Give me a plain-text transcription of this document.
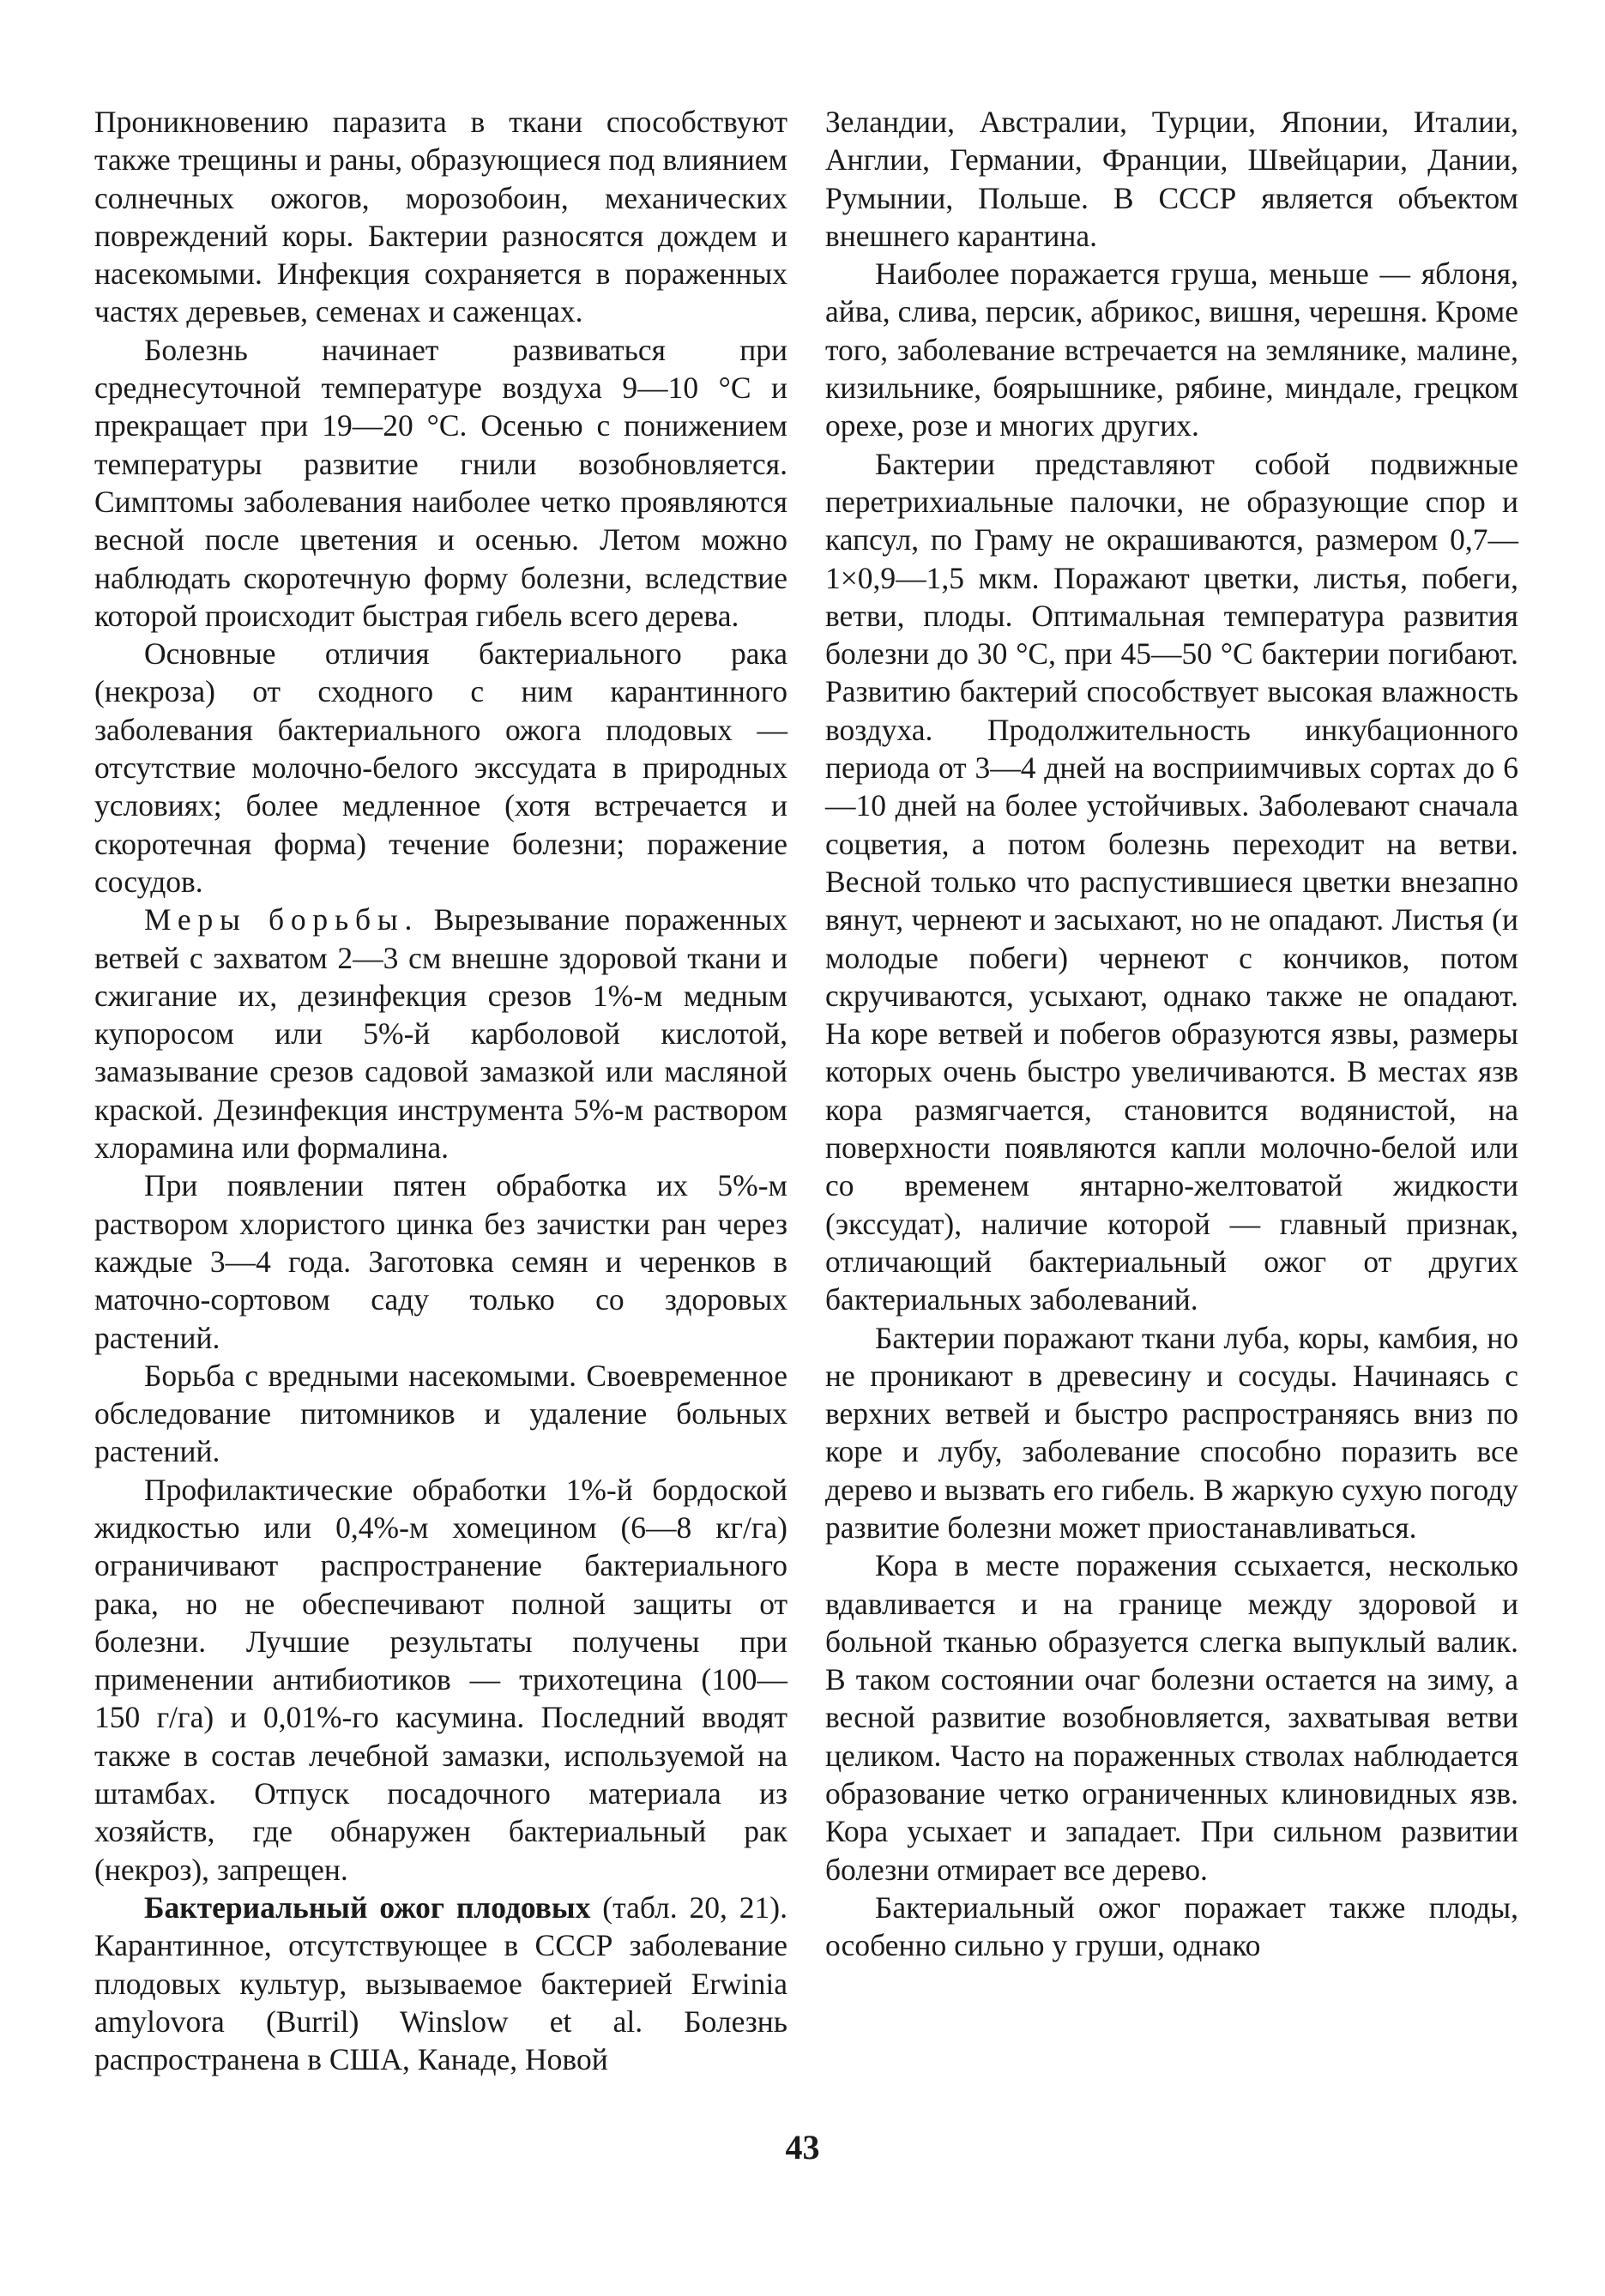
Проникновению паразита в ткани способствуют также трещины и раны, образующиеся под влиянием солнечных ожогов, морозобоин, механических повреждений коры. Бактерии разносятся дождем и насекомыми. Инфекция сохраняется в пораженных частях деревьев, семенах и саженцах.

Болезнь начинает развиваться при среднесуточной температуре воздуха 9—10 °С и прекращает при 19—20 °С. Осенью с понижением температуры развитие гнили возобновляется. Симптомы заболевания наиболее четко проявляются весной после цветения и осенью. Летом можно наблюдать скоротечную форму болезни, вследствие которой происходит быстрая гибель всего дерева.

Основные отличия бактериального рака (некроза) от сходного с ним карантинного заболевания бактериального ожога плодовых — отсутствие молочно-белого экссудата в природных условиях; более медленное (хотя встречается и скоротечная форма) течение болезни; поражение сосудов.

Меры борьбы. Вырезывание пораженных ветвей с захватом 2—3 см внешне здоровой ткани и сжигание их, дезинфекция срезов 1%-м медным купоросом или 5%-й карболовой кислотой, замазывание срезов садовой замазкой или масляной краской. Дезинфекция инструмента 5%-м раствором хлорамина или формалина.

При появлении пятен обработка их 5%-м раствором хлористого цинка без зачистки ран через каждые 3—4 года. Заготовка семян и черенков в маточно-сортовом саду только со здоровых растений.

Борьба с вредными насекомыми. Своевременное обследование питомников и удаление больных растений.

Профилактические обработки 1%-й бордоской жидкостью или 0,4%-м хомецином (6—8 кг/га) ограничивают распространение бактериального рака, но не обеспечивают полной защиты от болезни. Лучшие результаты получены при применении антибиотиков — трихотецина (100—150 г/га) и 0,01%-го касумина. Последний вводят также в состав лечебной замазки, используемой на штамбах. Отпуск посадочного материала из хозяйств, где обнаружен бактериальный рак (некроз), запрещен.

Бактериальный ожог плодовых (табл. 20, 21). Карантинное, отсутствующее в СССР заболевание плодовых культур, вызываемое бактерией Erwinia amylovora (Burril) Winslow et al. Болезнь распространена в США, Канаде, Новой

Зеландии, Австралии, Турции, Японии, Италии, Англии, Германии, Франции, Швейцарии, Дании, Румынии, Польше. В СССР является объектом внешнего карантина.

Наиболее поражается груша, меньше — яблоня, айва, слива, персик, абрикос, вишня, черешня. Кроме того, заболевание встречается на землянике, малине, кизильнике, боярышнике, рябине, миндале, грецком орехе, розе и многих других.

Бактерии представляют собой подвижные перетрихиальные палочки, не образующие спор и капсул, по Граму не окрашиваются, размером 0,7—1×0,9—1,5 мкм. Поражают цветки, листья, побеги, ветви, плоды. Оптимальная температура развития болезни до 30 °С, при 45—50 °С бактерии погибают. Развитию бактерий способствует высокая влажность воздуха. Продолжительность инкубационного периода от 3—4 дней на восприимчивых сортах до 6—10 дней на более устойчивых. Заболевают сначала соцветия, а потом болезнь переходит на ветви. Весной только что распустившиеся цветки внезапно вянут, чернеют и засыхают, но не опадают. Листья (и молодые побеги) чернеют с кончиков, потом скручиваются, усыхают, однако также не опадают. На коре ветвей и побегов образуются язвы, размеры которых очень быстро увеличиваются. В местах язв кора размягчается, становится водянистой, на поверхности появляются капли молочно-белой или со временем янтарно-желтоватой жидкости (экссудат), наличие которой — главный признак, отличающий бактериальный ожог от других бактериальных заболеваний.

Бактерии поражают ткани луба, коры, камбия, но не проникают в древесину и сосуды. Начинаясь с верхних ветвей и быстро распространяясь вниз по коре и лубу, заболевание способно поразить все дерево и вызвать его гибель. В жаркую сухую погоду развитие болезни может приостанавливаться.

Кора в месте поражения ссыхается, несколько вдавливается и на границе между здоровой и больной тканью образуется слегка выпуклый валик. В таком состоянии очаг болезни остается на зиму, а весной развитие возобновляется, захватывая ветви целиком. Часто на пораженных стволах наблюдается образование четко ограниченных клиновидных язв. Кора усыхает и западает. При сильном развитии болезни отмирает все дерево.

Бактериальный ожог поражает также плоды, особенно сильно у груши, однако

43
